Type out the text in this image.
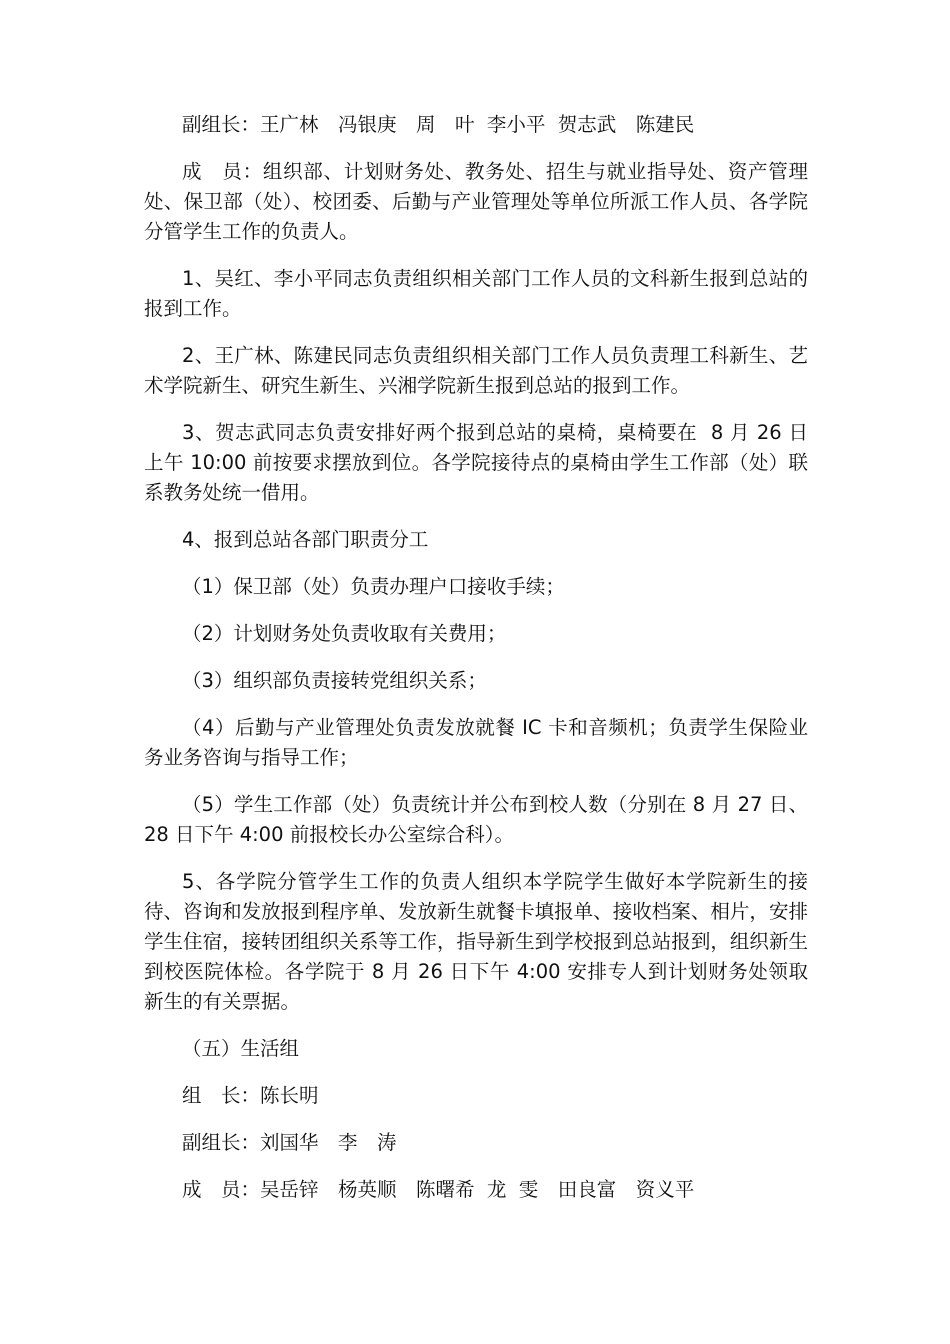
副组长：王广林　冯银庚　周　叶  李小平  贺志武　陈建民

成　员：组织部、计划财务处、教务处、招生与就业指导处、资产管理处、保卫部（处）、校团委、后勤与产业管理处等单位所派工作人员、各学院分管学生工作的负责人。

1、吴红、李小平同志负责组织相关部门工作人员的文科新生报到总站的报到工作。

2、王广林、陈建民同志负责组织相关部门工作人员负责理工科新生、艺术学院新生、研究生新生、兴湘学院新生报到总站的报到工作。

3、贺志武同志负责安排好两个报到总站的桌椅，桌椅要在  8 月 26 日上午 10:00 前按要求摆放到位。各学院接待点的桌椅由学生工作部（处）联系教务处统一借用。

4、报到总站各部门职责分工

（1）保卫部（处）负责办理户口接收手续；

（2）计划财务处负责收取有关费用；

（3）组织部负责接转党组织关系；

（4）后勤与产业管理处负责发放就餐 IC 卡和音频机；负责学生保险业务业务咨询与指导工作；

（5）学生工作部（处）负责统计并公布到校人数（分别在 8 月 27 日、28 日下午 4:00 前报校长办公室综合科）。

5、各学院分管学生工作的负责人组织本学院学生做好本学院新生的接待、咨询和发放报到程序单、发放新生就餐卡填报单、接收档案、相片，安排学生住宿，接转团组织关系等工作，指导新生到学校报到总站报到，组织新生到校医院体检。各学院于 8 月 26 日下午 4:00 安排专人到计划财务处领取新生的有关票据。

（五）生活组

组　长：陈长明

副组长：刘国华　李　涛

成　员：吴岳锌　杨英顺　陈曙希  龙  雯　田良富　资义平
